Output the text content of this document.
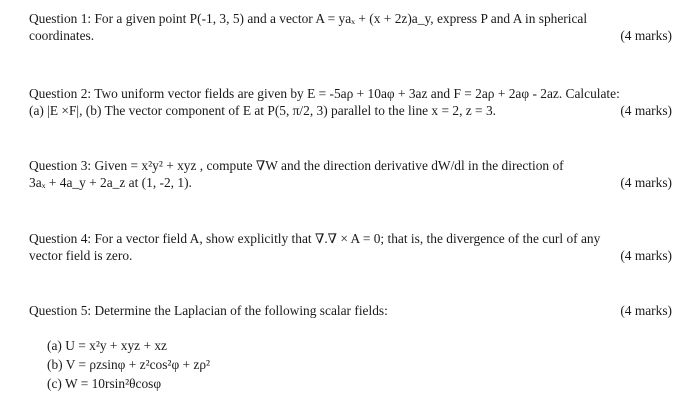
Question 1: For a given point P(-1, 3, 5) and a vector A = yaₓ + (x + 2z)a_y, express P and A in spherical
coordinates.	(4 marks)
Question 2: Two uniform vector fields are given by E = -5aρ + 10aφ + 3az and F = 2aρ + 2aφ - 2az. Calculate:
(a) |E ×F|, (b) The vector component of E at P(5, π/2, 3) parallel to the line x = 2, z = 3.	(4 marks)
Question 3: Given = x²y² + xyz , compute ∇W and the direction derivative dW/dl in the direction of
3aₓ + 4a_y + 2a_z at (1, -2, 1).	(4 marks)
Question 4: For a vector field A, show explicitly that ∇.∇ × A = 0; that is, the divergence of the curl of any
vector field is zero.	(4 marks)
Question 5: Determine the Laplacian of the following scalar fields:	(4 marks)
(a) U = x²y + xyz + xz
(b) V = ρzsinφ + z²cos²φ + zρ²
(c) W = 10rsin²θcosφ
